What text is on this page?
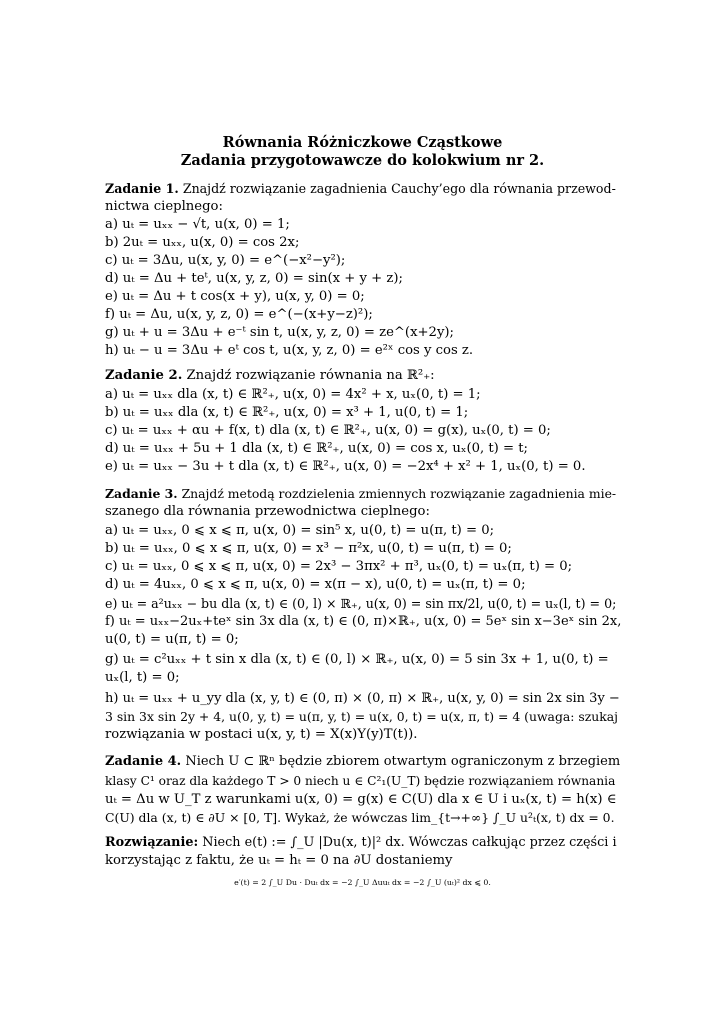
Równania Różniczkowe Cząstkowe
Zadania przygotowawcze do kolokwium nr 2.
Zadanie 1. Znajdź rozwiązanie zagadnienia Cauchy’ego dla równania przewod-
nictwa cieplnego:
a) uₜ = uₓₓ − √t, u(x, 0) = 1;
b) 2uₜ = uₓₓ, u(x, 0) = cos 2x;
c) uₜ = 3Δu, u(x, y, 0) = e^(−x²−y²);
d) uₜ = Δu + teᵗ, u(x, y, z, 0) = sin(x + y + z);
e) uₜ = Δu + t cos(x + y), u(x, y, 0) = 0;
f) uₜ = Δu, u(x, y, z, 0) = e^(−(x+y−z)²);
g) uₜ + u = 3Δu + e⁻ᵗ sin t, u(x, y, z, 0) = ze^(x+2y);
h) uₜ − u = 3Δu + eᵗ cos t, u(x, y, z, 0) = e²ˣ cos y cos z.
Zadanie 2. Znajdź rozwiązanie równania na ℝ²₊:
a) uₜ = uₓₓ dla (x, t) ∈ ℝ²₊, u(x, 0) = 4x² + x, uₓ(0, t) = 1;
b) uₜ = uₓₓ dla (x, t) ∈ ℝ²₊, u(x, 0) = x³ + 1, u(0, t) = 1;
c) uₜ = uₓₓ + αu + f(x, t) dla (x, t) ∈ ℝ²₊, u(x, 0) = g(x), uₓ(0, t) = 0;
d) uₜ = uₓₓ + 5u + 1 dla (x, t) ∈ ℝ²₊, u(x, 0) = cos x, uₓ(0, t) = t;
e) uₜ = uₓₓ − 3u + t dla (x, t) ∈ ℝ²₊, u(x, 0) = −2x⁴ + x² + 1, uₓ(0, t) = 0.
Zadanie 3. Znajdź metodą rozdzielenia zmiennych rozwiązanie zagadnienia mie-
szanego dla równania przewodnictwa cieplnego:
a) uₜ = uₓₓ, 0 ⩽ x ⩽ π, u(x, 0) = sin⁵ x, u(0, t) = u(π, t) = 0;
b) uₜ = uₓₓ, 0 ⩽ x ⩽ π, u(x, 0) = x³ − π²x, u(0, t) = u(π, t) = 0;
c) uₜ = uₓₓ, 0 ⩽ x ⩽ π, u(x, 0) = 2x³ − 3πx² + π³, uₓ(0, t) = uₓ(π, t) = 0;
d) uₜ = 4uₓₓ, 0 ⩽ x ⩽ π, u(x, 0) = x(π − x), u(0, t) = uₓ(π, t) = 0;
e) uₜ = a²uₓₓ − bu dla (x, t) ∈ (0, l) × ℝ₊, u(x, 0) = sin πx/2l, u(0, t) = uₓ(l, t) = 0;
f) uₜ = uₓₓ−2uₓ+teˣ sin 3x dla (x, t) ∈ (0, π)×ℝ₊, u(x, 0) = 5eˣ sin x−3eˣ sin 2x,
u(0, t) = u(π, t) = 0;
g) uₜ = c²uₓₓ + t sin x dla (x, t) ∈ (0, l) × ℝ₊, u(x, 0) = 5 sin 3x + 1, u(0, t) =
uₓ(l, t) = 0;
h) uₜ = uₓₓ + u_yy dla (x, y, t) ∈ (0, π) × (0, π) × ℝ₊, u(x, y, 0) = sin 2x sin 3y −
3 sin 3x sin 2y + 4, u(0, y, t) = u(π, y, t) = u(x, 0, t) = u(x, π, t) = 4 (uwaga: szukaj
rozwiązania w postaci u(x, y, t) = X(x)Y(y)T(t)).
Zadanie 4. Niech U ⊂ ℝⁿ będzie zbiorem otwartym ograniczonym z brzegiem
klasy C¹ oraz dla każdego T > 0 niech u ∈ C²₁(U_T) będzie rozwiązaniem równania
uₜ = Δu w U_T z warunkami u(x, 0) = g(x) ∈ C(U) dla x ∈ U i uₓ(x, t) = h(x) ∈
C(U) dla (x, t) ∈ ∂U × [0, T]. Wykaż, że wówczas lim_{t→+∞} ∫_U u²ₜ(x, t) dx = 0.
Rozwiązanie: Niech e(t) := ∫_U |Du(x, t)|² dx. Wówczas całkując przez części i
korzystając z faktu, że uₜ = hₜ = 0 na ∂U dostaniemy
e′(t) = 2 ∫_U Du · Duₜ dx = −2 ∫_U Δuuₜ dx = −2 ∫_U (uₜ)² dx ⩽ 0.
